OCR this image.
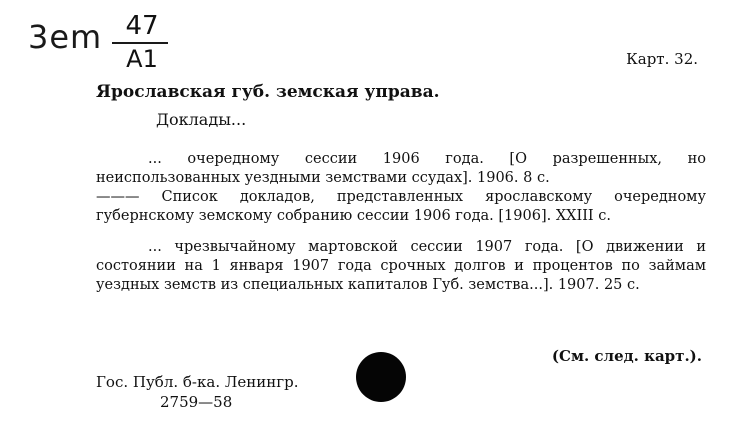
3em 47
A1	Карт. 32.
Ярославская губ. земская управа.
Доклады...
... очередному сессии 1906 года. [О разрешенных, но неиспользованных уездными земствами ссудах]. 1906. 8 с.
——— Список докладов, представленных ярославскому очередному губернскому земскому собранию сессии 1906 года. [1906]. XXIII с.
... чрезвычайному мартовской сессии 1907 года. [О движении и состоянии на 1 января 1907 года срочных долгов и процентов по займам уездных земств из специальных капиталов Губ. земства...]. 1907. 25 с.
(См. след. карт.).
Гос. Публ. б-ка. Ленингр.
2759—58
